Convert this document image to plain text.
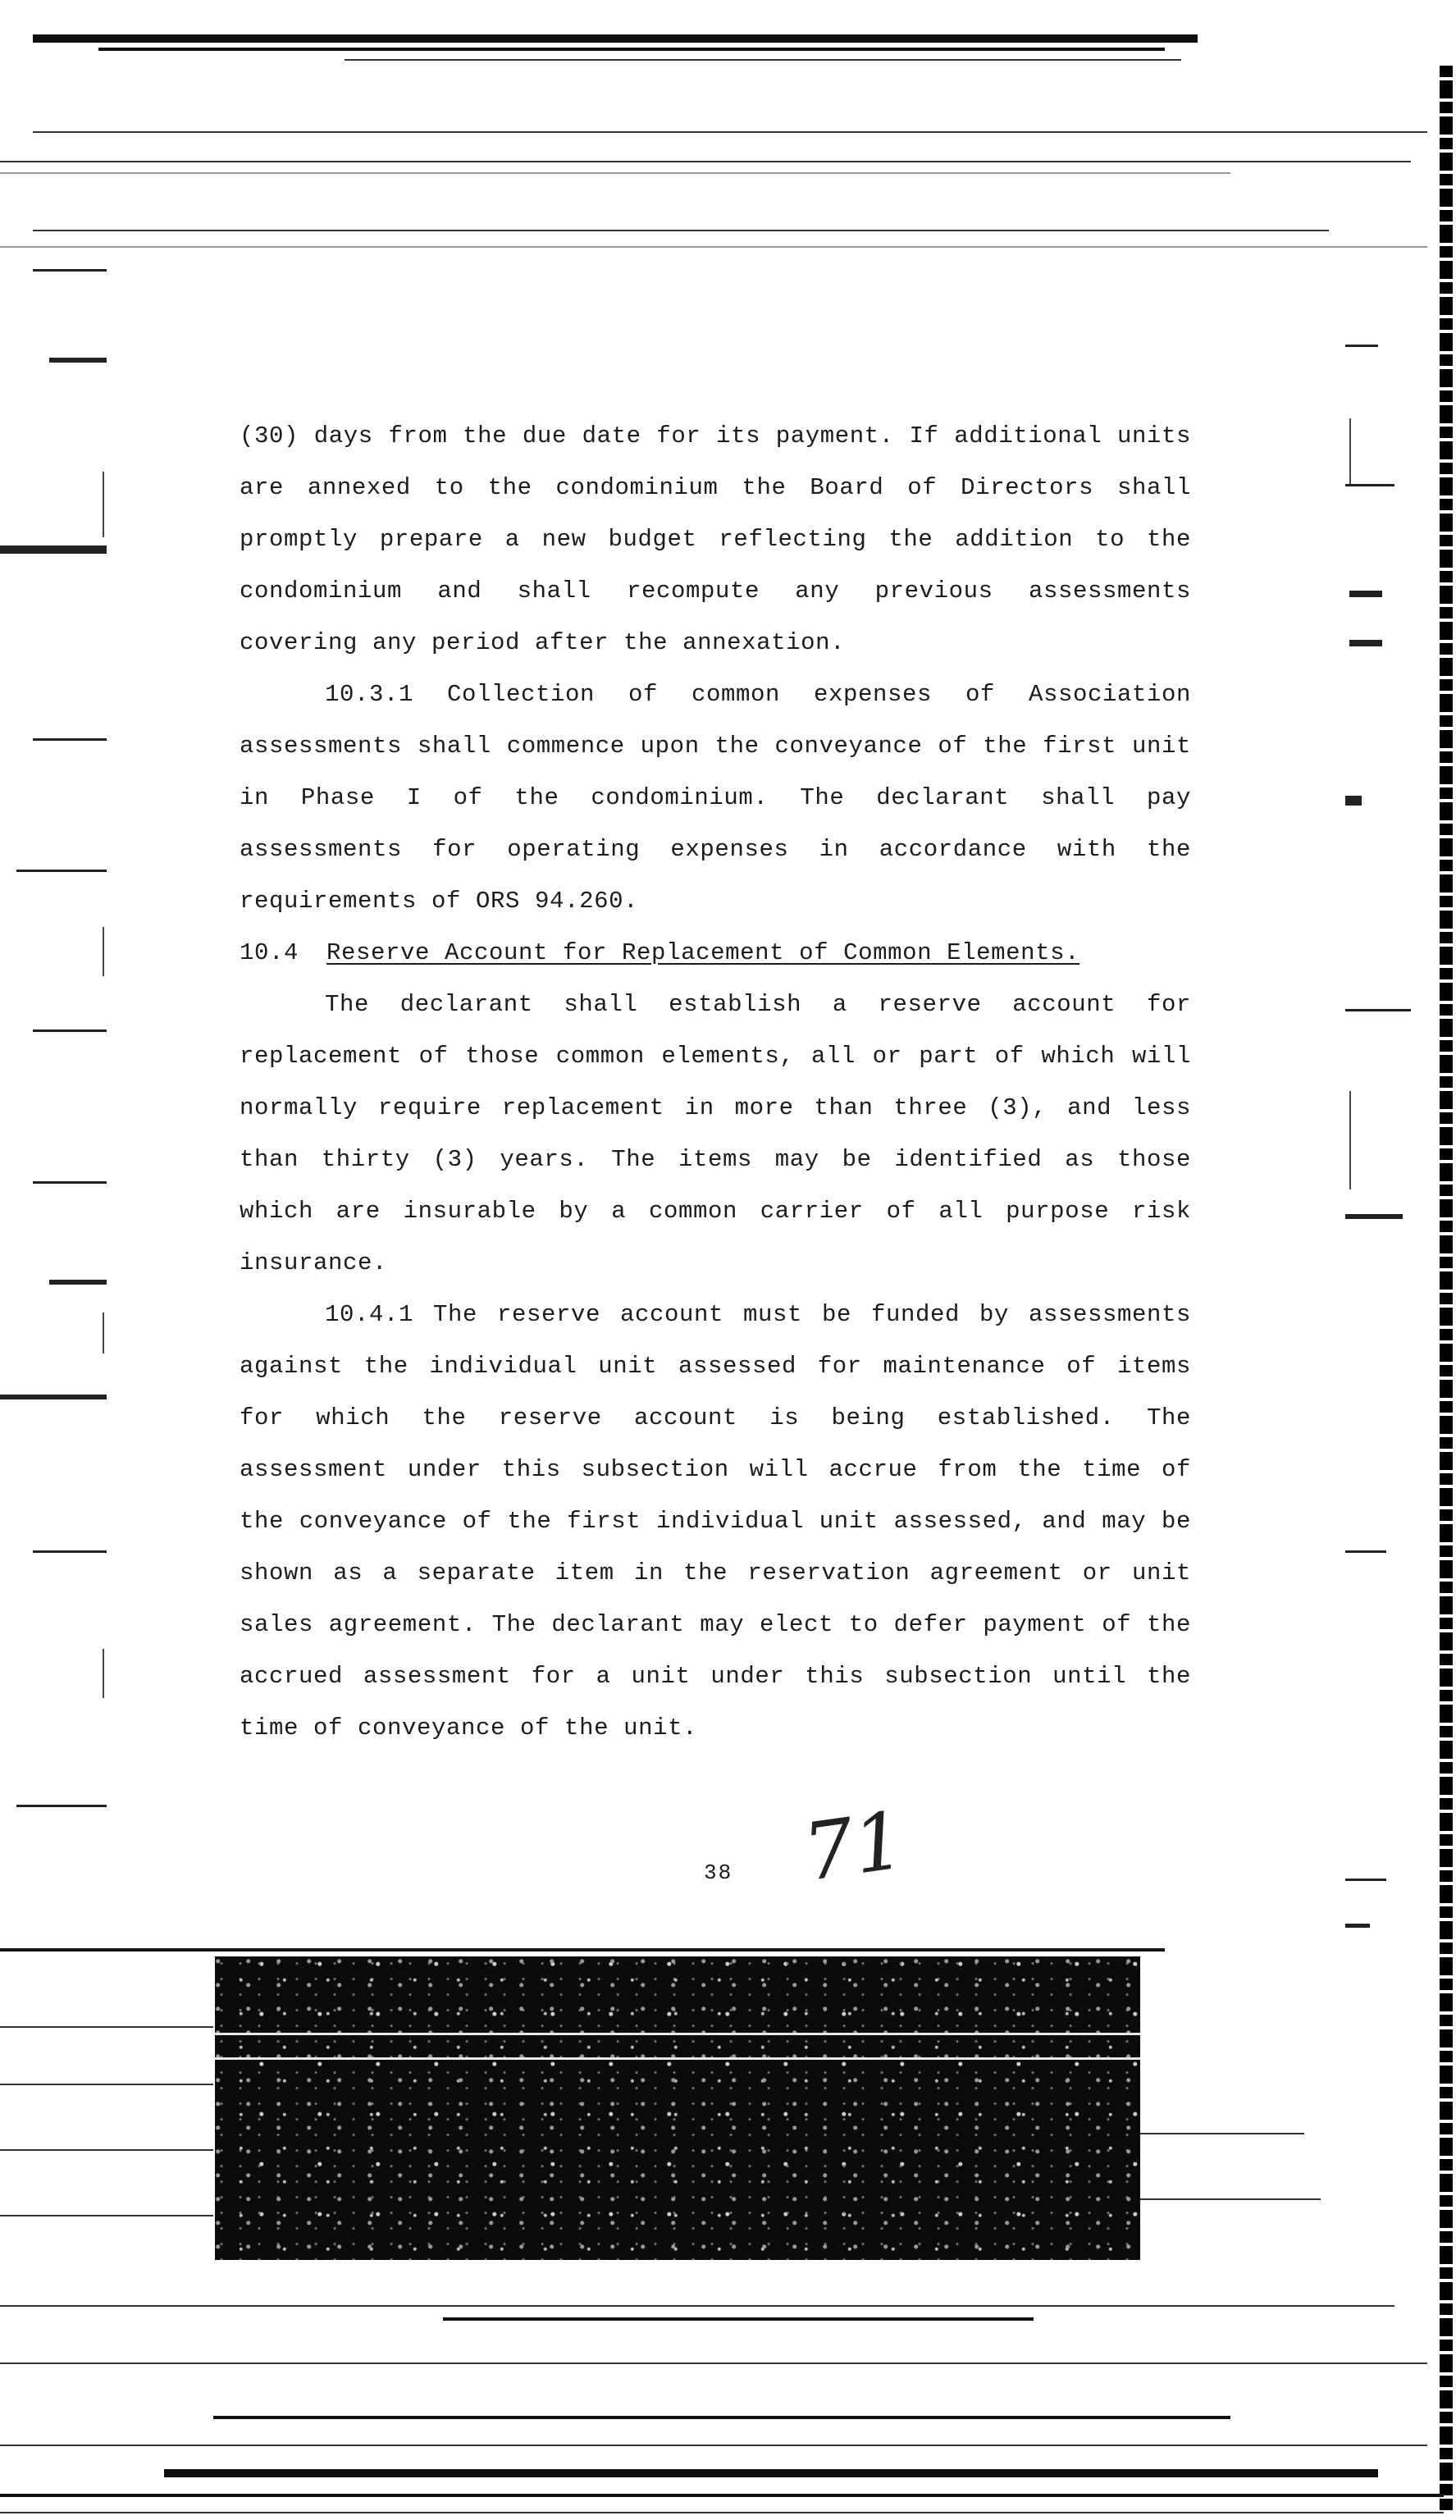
(30) days from the due date for its payment. If additional units are annexed to the condominium the Board of Directors shall promptly prepare a new budget reflecting the addition to the condominium and shall recompute any previous assessments covering any period after the annexation.

10.3.1 Collection of common expenses of Association assessments shall commence upon the conveyance of the first unit in Phase I of the condominium. The declarant shall pay assessments for operating expenses in accordance with the requirements of ORS 94.260.

10.4 Reserve Account for Replacement of Common Elements.

The declarant shall establish a reserve account for replacement of those common elements, all or part of which will normally require replacement in more than three (3), and less than thirty (3) years. The items may be identified as those which are insurable by a common carrier of all purpose risk insurance.

10.4.1 The reserve account must be funded by assessments against the individual unit assessed for maintenance of items for which the reserve account is being established. The assessment under this subsection will accrue from the time of the conveyance of the first individual unit assessed, and may be shown as a separate item in the reservation agreement or unit sales agreement. The declarant may elect to defer payment of the accrued assessment for a unit under this subsection until the time of conveyance of the unit.

38 71
